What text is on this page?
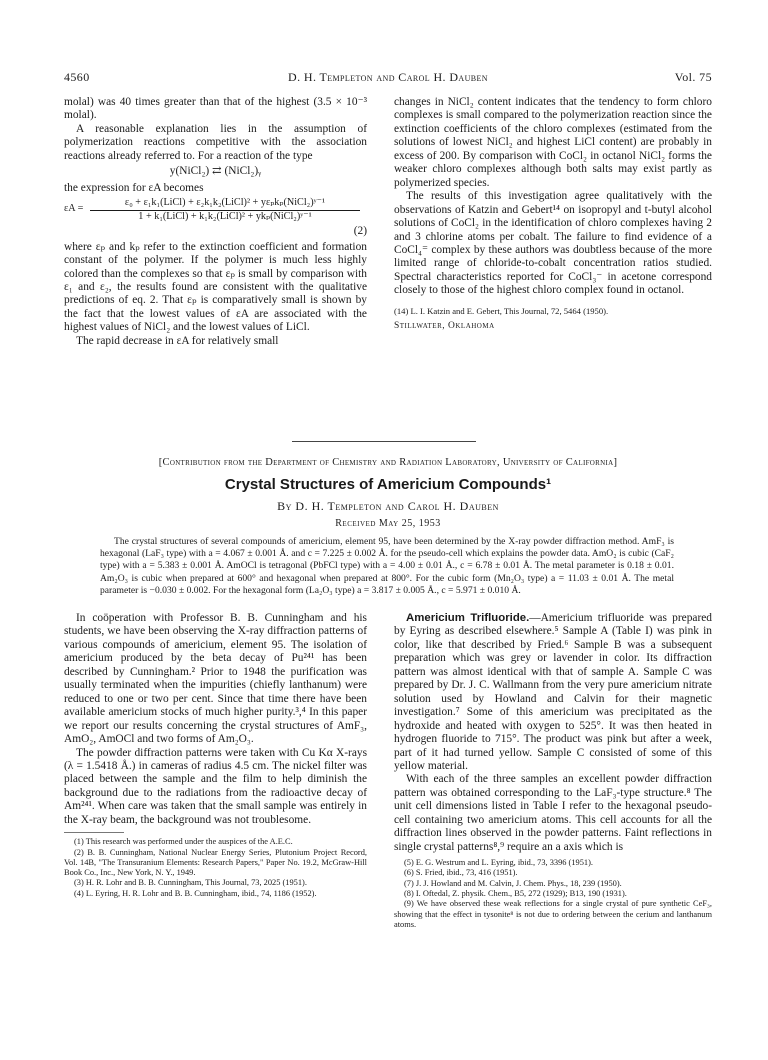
4560	D. H. Templeton and Carol H. Dauben	Vol. 75

molal) was 40 times greater than that of the highest (3.5 × 10⁻³ molal).

A reasonable explanation lies in the assumption of polymerization reactions competitive with the association reactions already referred to. For a reaction of the type

y(NiCl₂) ⇄ (NiCl₂)ᵧ

the expression for εA becomes

εA =
ε₀ + ε₁k₁(LiCl) + ε₂k₁k₂(LiCl)² + yεₚkₚ(NiCl₂)ʸ⁻¹
1 + k₁(LiCl) + k₁k₂(LiCl)² + ykₚ(NiCl₂)ʸ⁻¹
(2)

where εₚ and kₚ refer to the extinction coefficient and formation constant of the polymer. If the polymer is much less highly colored than the complexes so that εₚ is small by comparison with ε₁ and ε₂, the results found are consistent with the qualitative predictions of eq. 2. That εₚ is comparatively small is shown by the fact that the lowest values of εA are associated with the highest values of NiCl₂ and the lowest values of LiCl.

The rapid decrease in εA for relatively small

changes in NiCl₂ content indicates that the tendency to form chloro complexes is small compared to the polymerization reaction since the extinction coefficients of the chloro complexes (estimated from the solutions of lowest NiCl₂ and highest LiCl content) are probably in excess of 200. By comparison with CoCl₂ in octanol NiCl₂ forms the weaker chloro complexes although both salts may exist partly as polymerized species.

The results of this investigation agree qualitatively with the observations of Katzin and Gebert¹⁴ on isopropyl and t-butyl alcohol solutions of CoCl₂ in the identification of chloro complexes having 2 and 3 chlorine atoms per cobalt. The failure to find evidence of a CoCl₄⁼ complex by these authors was doubtless because of the more limited range of chloride-to-cobalt concentration ratios studied. Spectral characteristics reported for CoCl₃⁻ in acetone correspond closely to those of the highest chloro complex found in octanol.

(14) L. I. Katzin and E. Gebert, This Journal, 72, 5464 (1950).
Stillwater, Oklahoma
[Contribution from the Department of Chemistry and Radiation Laboratory, University of California]
Crystal Structures of Americium Compounds¹
By D. H. Templeton and Carol H. Dauben
Received May 25, 1953
The crystal structures of several compounds of americium, element 95, have been determined by the X-ray powder diffraction method. AmF₃ is hexagonal (LaF₃ type) with a = 4.067 ± 0.001 Å. and c = 7.225 ± 0.002 Å. for the pseudo-cell which explains the powder data. AmO₂ is cubic (CaF₂ type) with a = 5.383 ± 0.001 Å. AmOCl is tetragonal (PbFCl type) with a = 4.00 ± 0.01 Å., c = 6.78 ± 0.01 Å. The metal parameter is 0.18 ± 0.01. Am₂O₃ is cubic when prepared at 600° and hexagonal when prepared at 800°. For the cubic form (Mn₂O₃ type) a = 11.03 ± 0.01 Å. The metal parameter is −0.030 ± 0.002. For the hexagonal form (La₂O₃ type) a = 3.817 ± 0.005 Å., c = 5.971 ± 0.010 Å.

In coöperation with Professor B. B. Cunningham and his students, we have been observing the X-ray diffraction patterns of various compounds of americium, element 95. The isolation of americium produced by the beta decay of Pu²⁴¹ has been described by Cunningham.² Prior to 1948 the purification was usually terminated when the impurities (chiefly lanthanum) were reduced to one or two per cent. Since that time there have been available americium stocks of much higher purity.³,⁴ In this paper we report our results concerning the crystal structures of AmF₃, AmO₂, AmOCl and two forms of Am₂O₃.

The powder diffraction patterns were taken with Cu Kα X-rays (λ = 1.5418 Å.) in cameras of radius 4.5 cm. The nickel filter was placed between the sample and the film to help diminish the background due to the radiations from the radioactive decay of Am²⁴¹. When care was taken that the small sample was entirely in the X-ray beam, the background was not troublesome.

(1) This research was performed under the auspices of the A.E.C.
(2) B. B. Cunningham, National Nuclear Energy Series, Plutonium Project Record, Vol. 14B, "The Transuranium Elements: Research Papers," Paper No. 19.2, McGraw-Hill Book Co., Inc., New York, N. Y., 1949.
(3) H. R. Lohr and B. B. Cunningham, This Journal, 73, 2025 (1951).
(4) L. Eyring, H. R. Lohr and B. B. Cunningham, ibid., 74, 1186 (1952).

Americium Trifluoride.—Americium trifluoride was prepared by Eyring as described elsewhere.⁵ Sample A (Table I) was pink in color, like that described by Fried.⁶ Sample B was a subsequent preparation which was grey or lavender in color. Its diffraction pattern was almost identical with that of sample A. Sample C was prepared by Dr. J. C. Wallmann from the very pure americium nitrate solution used by Howland and Calvin for their magnetic investigation.⁷ Some of this americium was precipitated as the hydroxide and heated with oxygen to 525°. It was then heated in hydrogen fluoride to 715°. The product was pink but after a week, part of it had turned yellow. Sample C consisted of some of this yellow material.

With each of the three samples an excellent powder diffraction pattern was obtained corresponding to the LaF₃-type structure.⁸ The unit cell dimensions listed in Table I refer to the hexagonal pseudo-cell containing two americium atoms. This cell accounts for all the diffraction lines observed in the powder patterns. Faint reflections in single crystal patterns⁸,⁹ require an a axis which is

(5) E. G. Westrum and L. Eyring, ibid., 73, 3396 (1951).
(6) S. Fried, ibid., 73, 416 (1951).
(7) J. J. Howland and M. Calvin, J. Chem. Phys., 18, 239 (1950).
(8) I. Oftedal, Z. physik. Chem., B5, 272 (1929); B13, 190 (1931).
(9) We have observed these weak reflections for a single crystal of pure synthetic CeF₃, showing that the effect in tysonite⁸ is not due to ordering between the cerium and lanthanum atoms.
